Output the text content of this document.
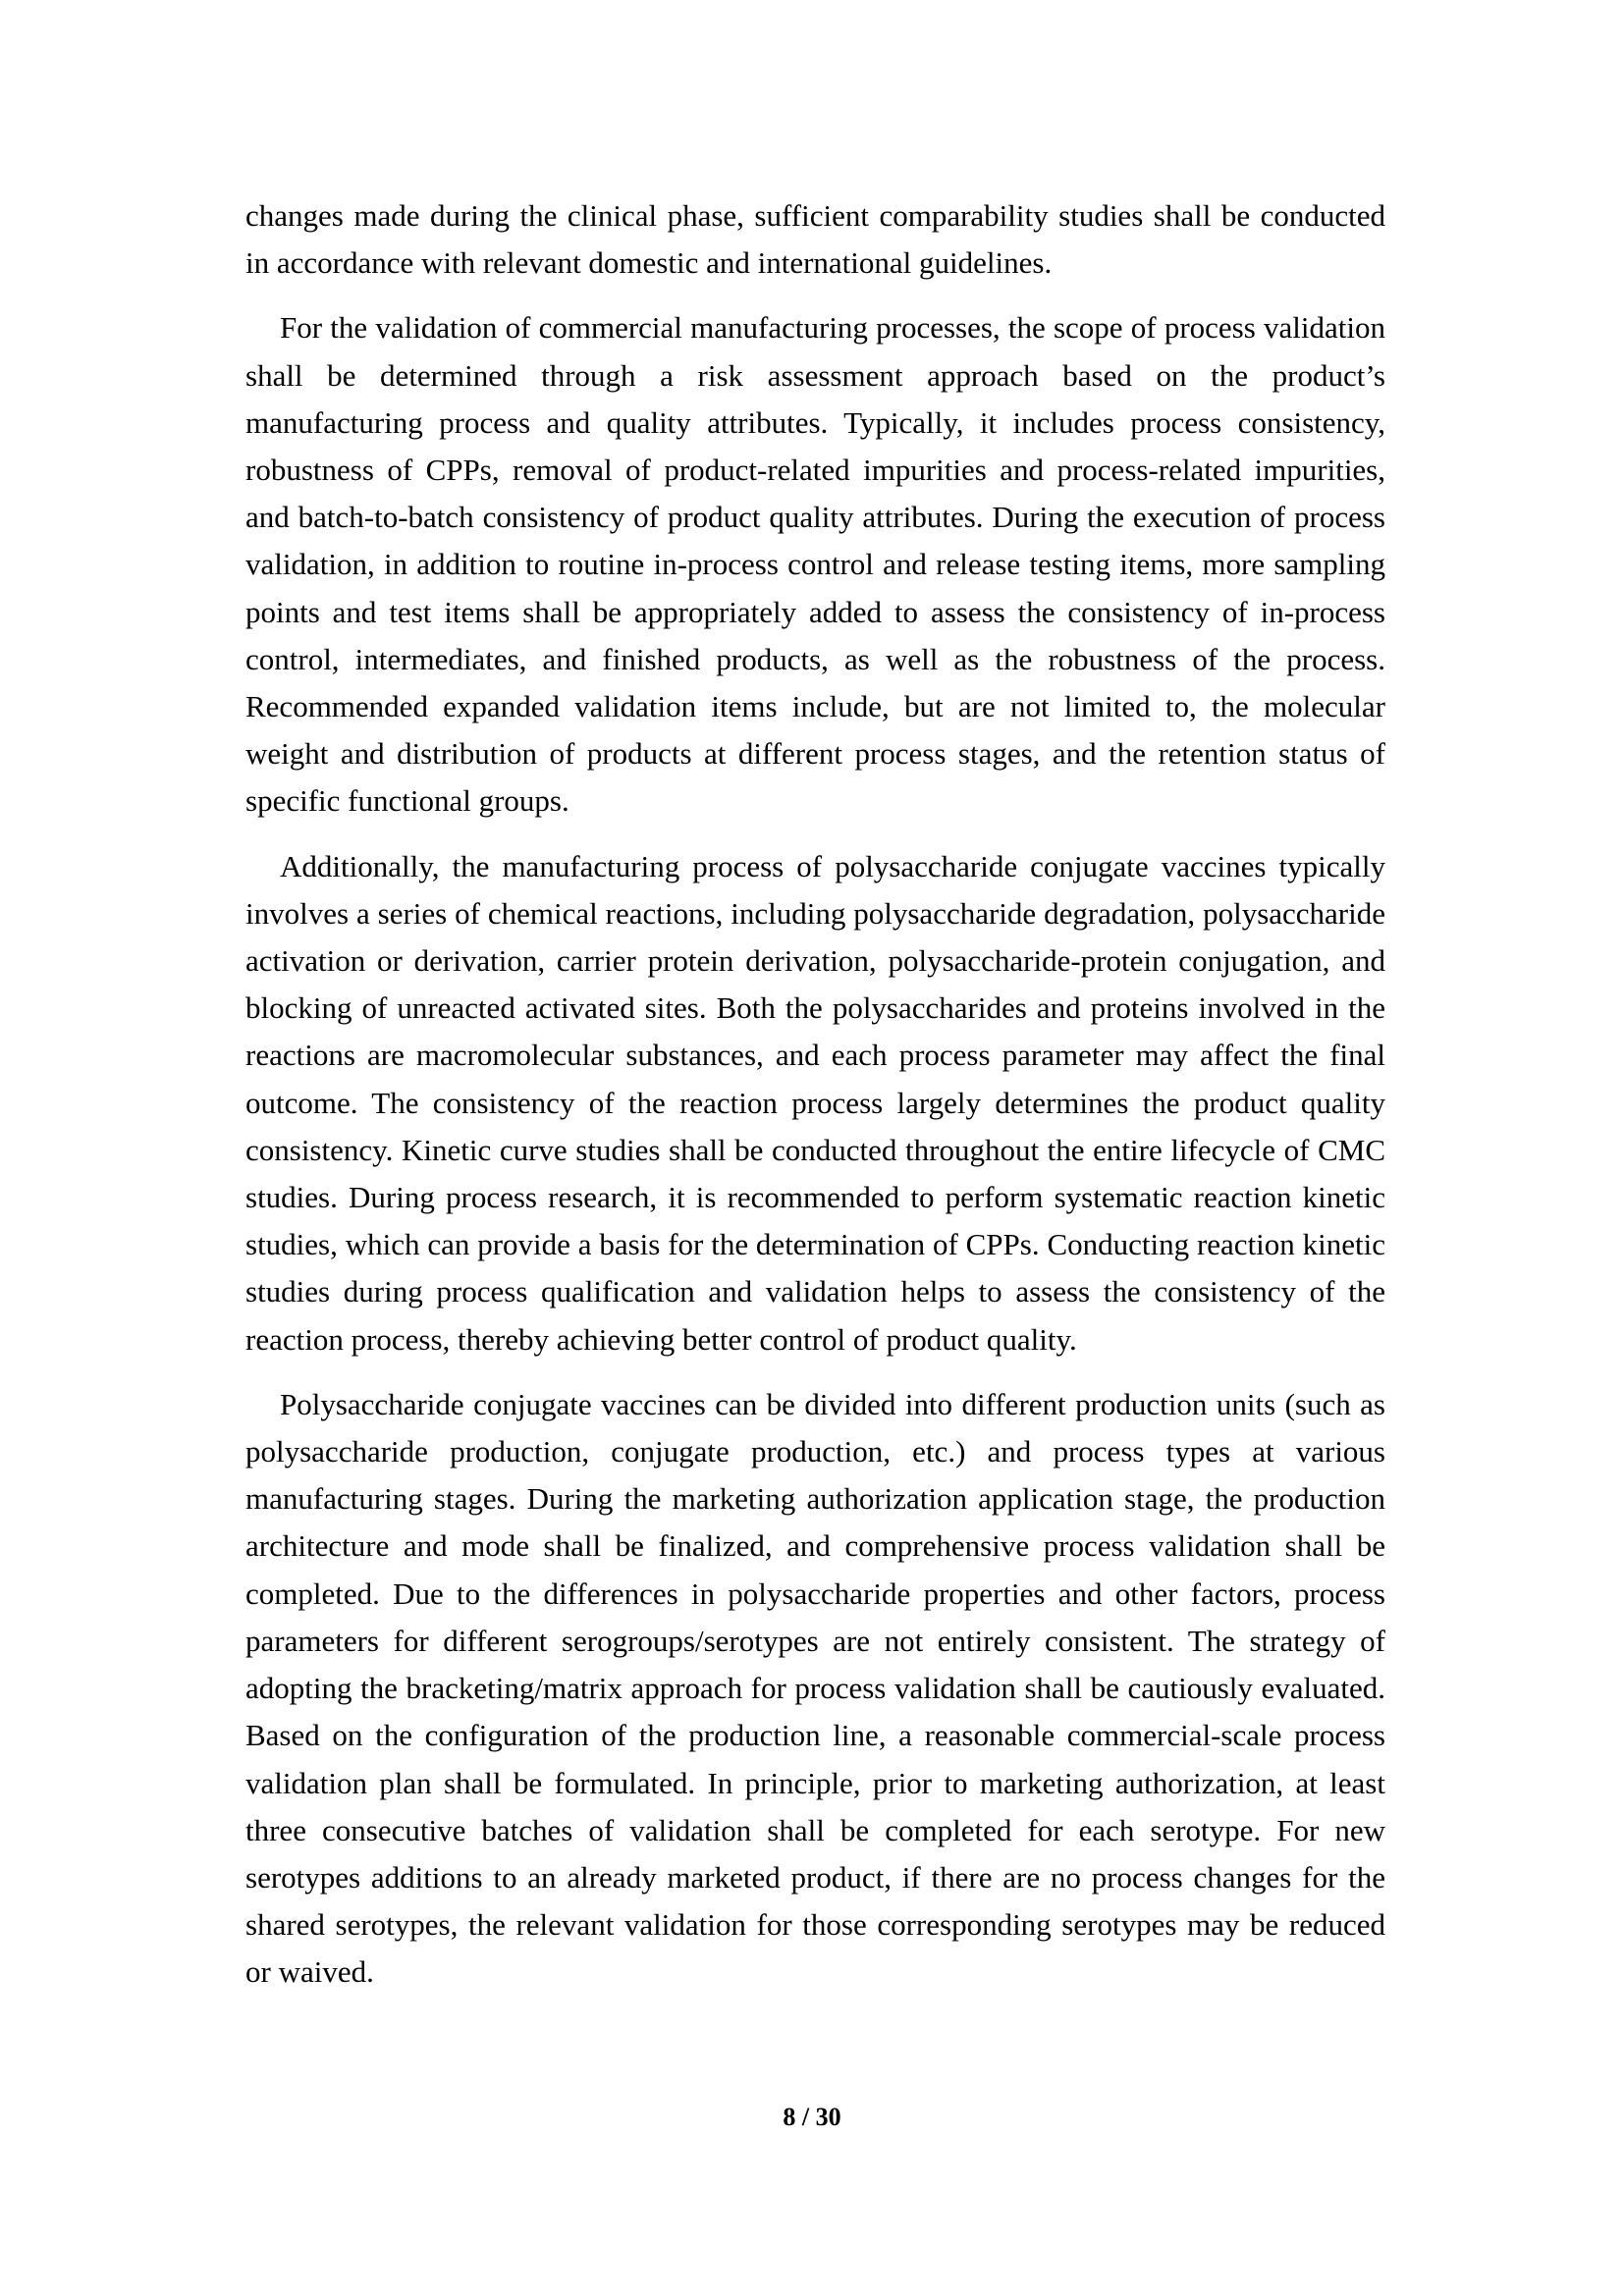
changes made during the clinical phase, sufficient comparability studies shall be conducted in accordance with relevant domestic and international guidelines.

For the validation of commercial manufacturing processes, the scope of process validation shall be determined through a risk assessment approach based on the product’s manufacturing process and quality attributes. Typically, it includes process consistency, robustness of CPPs, removal of product-related impurities and process-related impurities, and batch-to-batch consistency of product quality attributes. During the execution of process validation, in addition to routine in-process control and release testing items, more sampling points and test items shall be appropriately added to assess the consistency of in-process control, intermediates, and finished products, as well as the robustness of the process. Recommended expanded validation items include, but are not limited to, the molecular weight and distribution of products at different process stages, and the retention status of specific functional groups.

Additionally, the manufacturing process of polysaccharide conjugate vaccines typically involves a series of chemical reactions, including polysaccharide degradation, polysaccharide activation or derivation, carrier protein derivation, polysaccharide-protein conjugation, and blocking of unreacted activated sites. Both the polysaccharides and proteins involved in the reactions are macromolecular substances, and each process parameter may affect the final outcome. The consistency of the reaction process largely determines the product quality consistency. Kinetic curve studies shall be conducted throughout the entire lifecycle of CMC studies. During process research, it is recommended to perform systematic reaction kinetic studies, which can provide a basis for the determination of CPPs. Conducting reaction kinetic studies during process qualification and validation helps to assess the consistency of the reaction process, thereby achieving better control of product quality.

Polysaccharide conjugate vaccines can be divided into different production units (such as polysaccharide production, conjugate production, etc.) and process types at various manufacturing stages. During the marketing authorization application stage, the production architecture and mode shall be finalized, and comprehensive process validation shall be completed. Due to the differences in polysaccharide properties and other factors, process parameters for different serogroups/serotypes are not entirely consistent. The strategy of adopting the bracketing/matrix approach for process validation shall be cautiously evaluated. Based on the configuration of the production line, a reasonable commercial-scale process validation plan shall be formulated. In principle, prior to marketing authorization, at least three consecutive batches of validation shall be completed for each serotype. For new serotypes additions to an already marketed product, if there are no process changes for the shared serotypes, the relevant validation for those corresponding serotypes may be reduced or waived.

8 / 30
